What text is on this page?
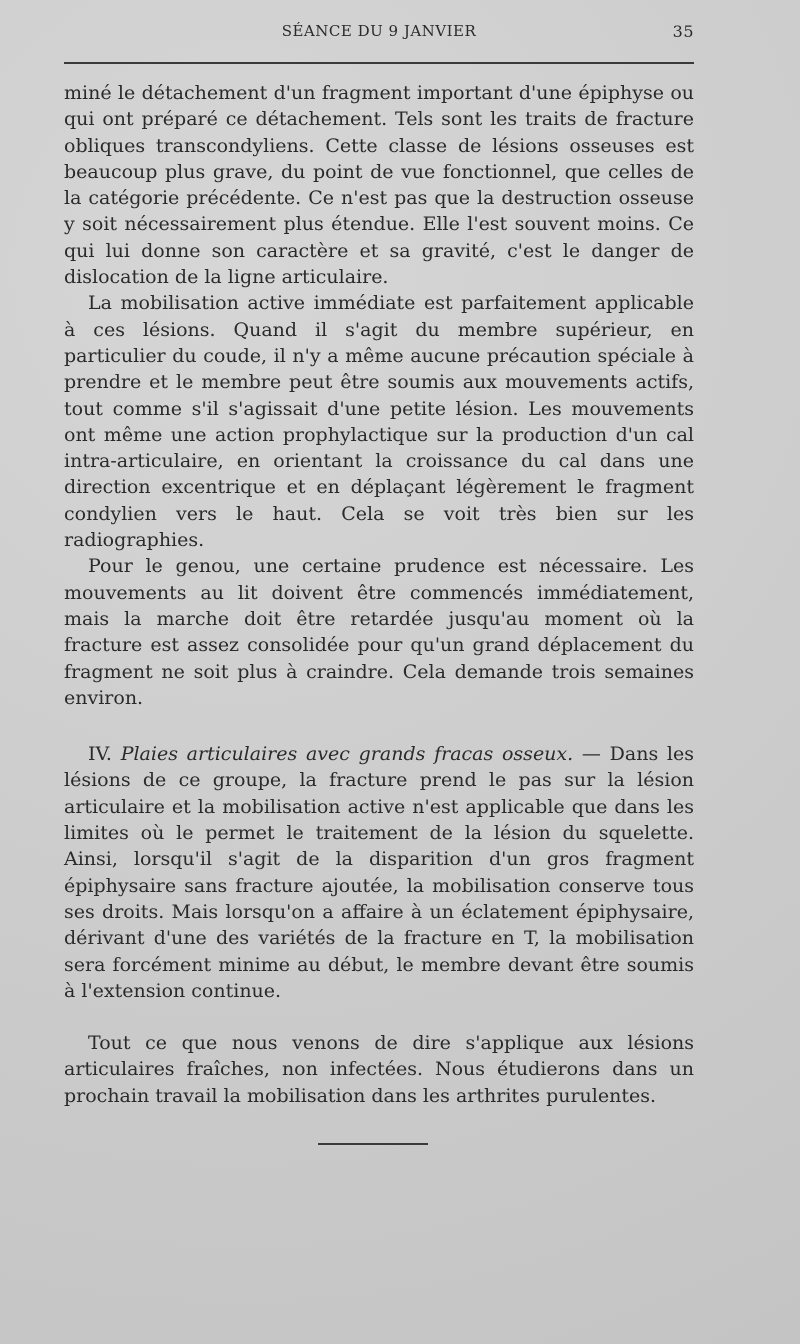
SÉANCE DU 9 JANVIER	35

miné le détachement d'un fragment important d'une épiphyse ou qui ont préparé ce détachement. Tels sont les traits de fracture obliques transcondyliens. Cette classe de lésions osseuses est beaucoup plus grave, du point de vue fonctionnel, que celles de la catégorie précédente. Ce n'est pas que la destruction osseuse y soit nécessairement plus étendue. Elle l'est souvent moins. Ce qui lui donne son caractère et sa gravité, c'est le danger de dislocation de la ligne articulaire.

La mobilisation active immédiate est parfaitement applicable à ces lésions. Quand il s'agit du membre supérieur, en particulier du coude, il n'y a même aucune précaution spéciale à prendre et le membre peut être soumis aux mouvements actifs, tout comme s'il s'agissait d'une petite lésion. Les mouvements ont même une action prophylactique sur la production d'un cal intra-articulaire, en orientant la croissance du cal dans une direction excentrique et en déplaçant légèrement le fragment condylien vers le haut. Cela se voit très bien sur les radiographies.

Pour le genou, une certaine prudence est nécessaire. Les mouvements au lit doivent être commencés immédiatement, mais la marche doit être retardée jusqu'au moment où la fracture est assez consolidée pour qu'un grand déplacement du fragment ne soit plus à craindre. Cela demande trois semaines environ.

IV. Plaies articulaires avec grands fracas osseux. — Dans les lésions de ce groupe, la fracture prend le pas sur la lésion articulaire et la mobilisation active n'est applicable que dans les limites où le permet le traitement de la lésion du squelette. Ainsi, lorsqu'il s'agit de la disparition d'un gros fragment épiphysaire sans fracture ajoutée, la mobilisation conserve tous ses droits. Mais lorsqu'on a affaire à un éclatement épiphysaire, dérivant d'une des variétés de la fracture en T, la mobilisation sera forcément minime au début, le membre devant être soumis à l'extension continue.

Tout ce que nous venons de dire s'applique aux lésions articulaires fraîches, non infectées. Nous étudierons dans un prochain travail la mobilisation dans les arthrites purulentes.
